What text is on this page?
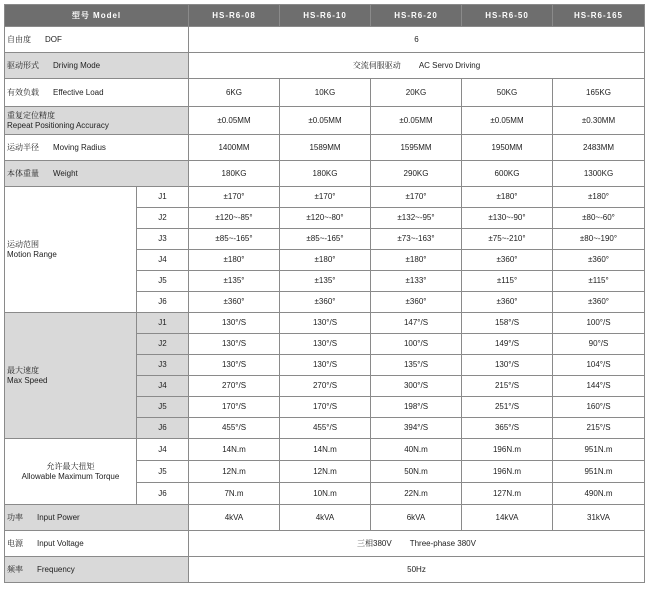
型号 Model		HS-R6-08	HS-R6-10	HS-R6-20	HS-R6-50	HS-R6-165
自由度 DOF		6				
驱动形式 Driving Mode		交流伺服驱动 AC Servo Driving				
有效负载 Effective Load		6KG	10KG	20KG	50KG	165KG

重复定位精度
Repeat Positioning Accuracy		±0.05MM	±0.05MM	±0.05MM	±0.05MM	±0.30MM
运动半径 Moving Radius		1400MM	1589MM	1595MM	1950MM	2483MM
本体重量 Weight		180KG	180KG	290KG	600KG	1300KG

运动范围
Motion Range	J1	±170°	±170°	±170°	±180°	±180°
	J2	±120~-85°	±120~-80°	±132~-95°	±130~-90°	±80~-60°
	J3	±85~-165°	±85~-165°	±73~-163°	±75~-210°	±80~-190°
	J4	±180°	±180°	±180°	±360°	±360°
	J5	±135°	±135°	±133°	±115°	±115°
	J6	±360°	±360°	±360°	±360°	±360°

最大速度
Max Speed	J1	130°/S	130°/S	147°/S	158°/S	100°/S
	J2	130°/S	130°/S	100°/S	149°/S	90°/S
	J3	130°/S	130°/S	135°/S	130°/S	104°/S
	J4	270°/S	270°/S	300°/S	215°/S	144°/S
	J5	170°/S	170°/S	198°/S	251°/S	160°/S
	J6	455°/S	455°/S	394°/S	365°/S	215°/S

允许最大扭矩
Allowable Maximum Torque	J4	14N.m	14N.m	40N.m	196N.m	951N.m
	J5	12N.m	12N.m	50N.m	196N.m	951N.m
	J6	7N.m	10N.m	22N.m	127N.m	490N.m
功率 Input Power		4kVA	4kVA	6kVA	14kVA	31kVA
电源 Input Voltage		三相380V Three-phase 380V				
频率 Frequency		50Hz				
